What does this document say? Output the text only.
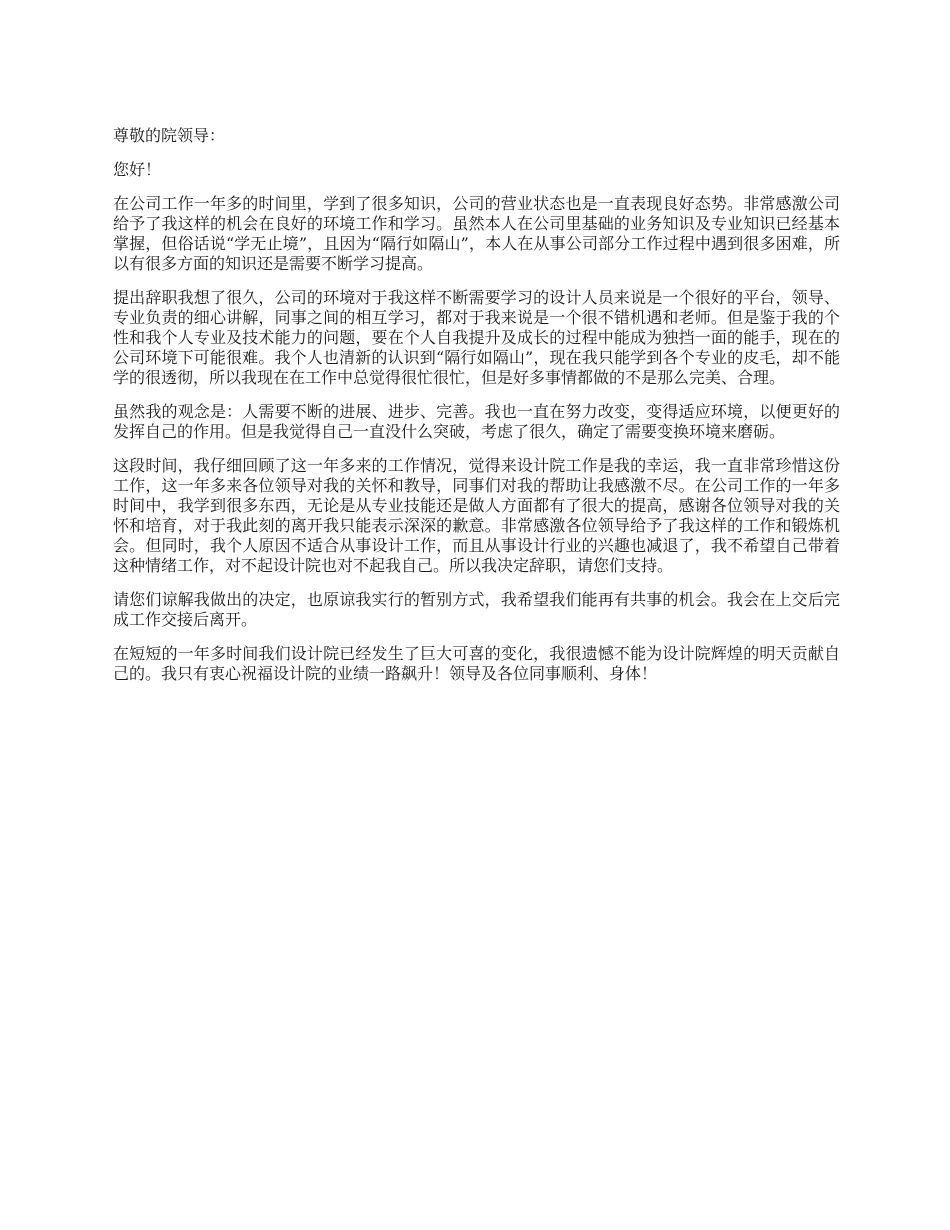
尊敬的院领导：

您好！

在公司工作一年多的时间里，学到了很多知识，公司的营业状态也是一直表现良好态势。非常感激公司给予了我这样的机会在良好的环境工作和学习。虽然本人在公司里基础的业务知识及专业知识已经基本掌握，但俗话说“学无止境”，且因为“隔行如隔山”，本人在从事公司部分工作过程中遇到很多困难，所以有很多方面的知识还是需要不断学习提高。

提出辞职我想了很久，公司的环境对于我这样不断需要学习的设计人员来说是一个很好的平台，领导、专业负责的细心讲解，同事之间的相互学习，都对于我来说是一个很不错机遇和老师。但是鉴于我的个性和我个人专业及技术能力的问题，要在个人自我提升及成长的过程中能成为独挡一面的能手，现在的公司环境下可能很难。我个人也清新的认识到“隔行如隔山”，现在我只能学到各个专业的皮毛，却不能学的很透彻，所以我现在在工作中总觉得很忙很忙，但是好多事情都做的不是那么完美、合理。

虽然我的观念是：人需要不断的进展、进步、完善。我也一直在努力改变，变得适应环境，以便更好的发挥自己的作用。但是我觉得自己一直没什么突破，考虑了很久，确定了需要变换环境来磨砺。

这段时间，我仔细回顾了这一年多来的工作情况，觉得来设计院工作是我的幸运，我一直非常珍惜这份工作，这一年多来各位领导对我的关怀和教导，同事们对我的帮助让我感激不尽。在公司工作的一年多时间中，我学到很多东西，无论是从专业技能还是做人方面都有了很大的提高，感谢各位领导对我的关怀和培育，对于我此刻的离开我只能表示深深的歉意。非常感激各位领导给予了我这样的工作和锻炼机会。但同时，我个人原因不适合从事设计工作，而且从事设计行业的兴趣也减退了，我不希望自己带着这种情绪工作，对不起设计院也对不起我自己。所以我决定辞职，请您们支持。

请您们谅解我做出的决定，也原谅我实行的暂别方式，我希望我们能再有共事的机会。我会在上交后完成工作交接后离开。

在短短的一年多时间我们设计院已经发生了巨大可喜的变化，我很遗憾不能为设计院辉煌的明天贡献自己的。我只有衷心祝福设计院的业绩一路飙升！领导及各位同事顺利、身体！
